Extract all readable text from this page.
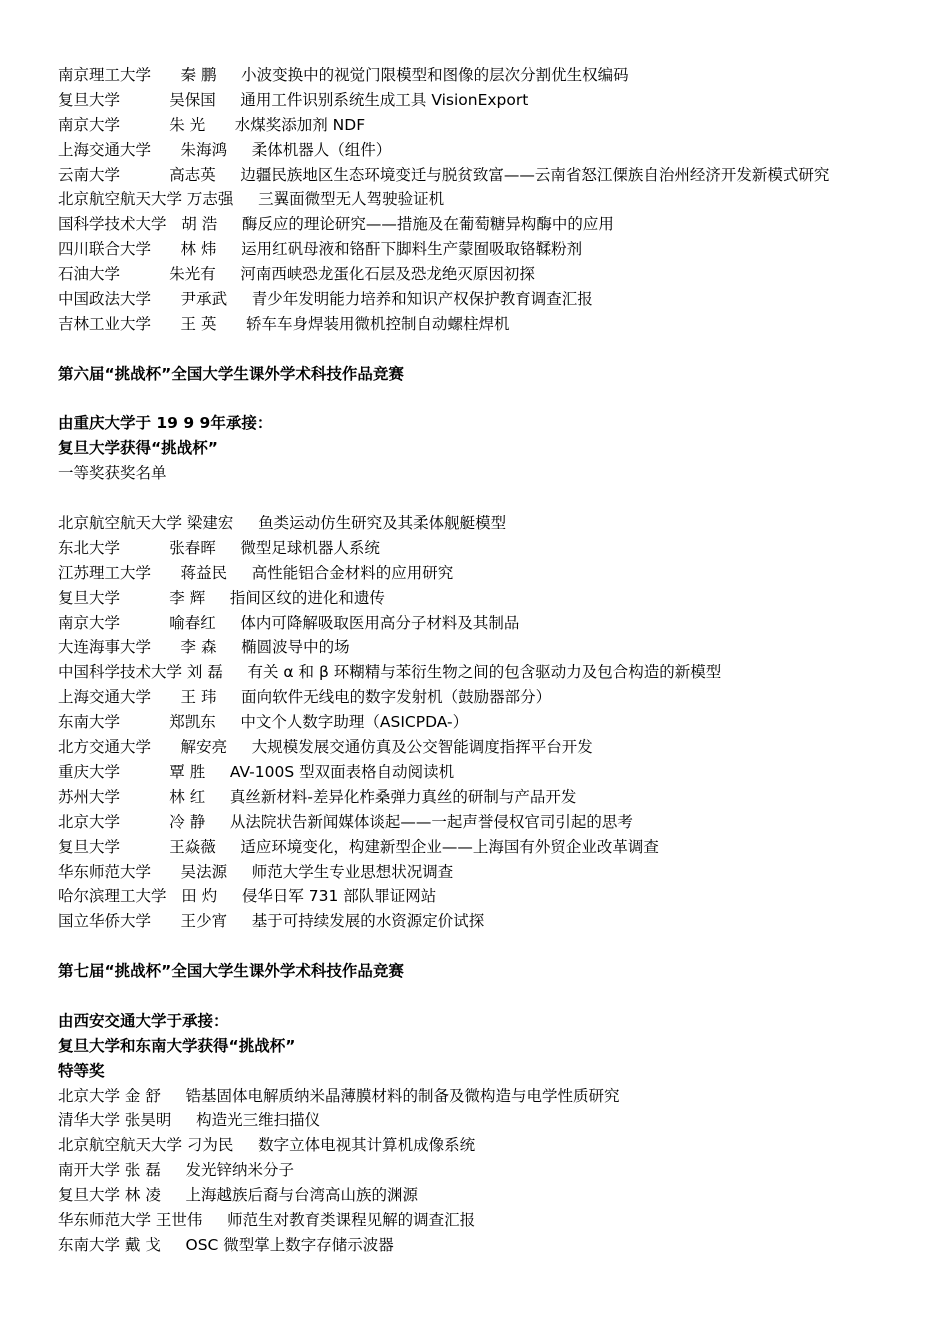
南京理工大学      秦 鹏     小波变换中的视觉门限模型和图像的层次分割优生权编码
复旦大学          吴保国     通用工件识别系统生成工具 VisionExport
南京大学          朱 光      水煤奖添加剂 NDF
上海交通大学      朱海鸿     柔体机器人（组件）
云南大学          高志英     边疆民族地区生态环境变迁与脱贫致富——云南省怒江傈族自治州经济开发新模式研究
北京航空航天大学 万志强     三翼面微型无人驾驶验证机
国科学技术大学   胡 浩     酶反应的理论研究——措施及在葡萄糖异构酶中的应用
四川联合大学      林 炜     运用红矾母液和铬酐下脚料生产蒙囿吸取铬鞣粉剂
石油大学          朱光有     河南西峡恐龙蛋化石层及恐龙绝灭原因初探
中国政法大学      尹承武     青少年发明能力培养和知识产权保护教育调查汇报
吉林工业大学      王 英      轿车车身焊装用微机控制自动螺柱焊机
第六届“挑战杯”全国大学生课外学术科技作品竞赛
由重庆大学于 19 9 9年承接：
复旦大学获得“挑战杯”
一等奖获奖名单
北京航空航天大学 梁建宏     鱼类运动仿生研究及其柔体舰艇模型
东北大学          张春晖     微型足球机器人系统
江苏理工大学      蒋益民     高性能铝合金材料的应用研究
复旦大学          李 辉     指间区纹的进化和遗传
南京大学          喻春红     体内可降解吸取医用高分子材料及其制品
大连海事大学      李 森     椭圆波导中的场
中国科学技术大学 刘 磊     有关 α 和 β 环糊精与苯衍生物之间的包含驱动力及包合构造的新模型
上海交通大学      王 玮     面向软件无线电的数字发射机（鼓励器部分）
东南大学          郑凯东     中文个人数字助理（ASICPDA-）
北方交通大学      解安亮     大规模发展交通仿真及公交智能调度指挥平台开发
重庆大学          覃 胜     AV-100S 型双面表格自动阅读机
苏州大学          林 红     真丝新材料-差异化柞桑弹力真丝的研制与产品开发
北京大学          冷 静     从法院状告新闻媒体谈起——一起声誉侵权官司引起的思考
复旦大学          王焱薇     适应环境变化，构建新型企业——上海国有外贸企业改革调查
华东师范大学      吴法源     师范大学生专业思想状况调查
哈尔滨理工大学   田 灼     侵华日军 731 部队罪证网站
国立华侨大学      王少宵     基于可持续发展的水资源定价试探
第七届“挑战杯”全国大学生课外学术科技作品竞赛
由西安交通大学于承接：
复旦大学和东南大学获得“挑战杯”
特等奖
北京大学 金 舒     锆基固体电解质纳米晶薄膜材料的制备及微构造与电学性质研究
清华大学 张昊明     构造光三维扫描仪
北京航空航天大学 刁为民     数字立体电视其计算机成像系统
南开大学 张 磊     发光锌纳米分子
复旦大学 林 凌     上海越族后裔与台湾高山族的渊源
华东师范大学 王世伟     师范生对教育类课程见解的调查汇报
东南大学 戴 戈     OSC 微型掌上数字存储示波器
